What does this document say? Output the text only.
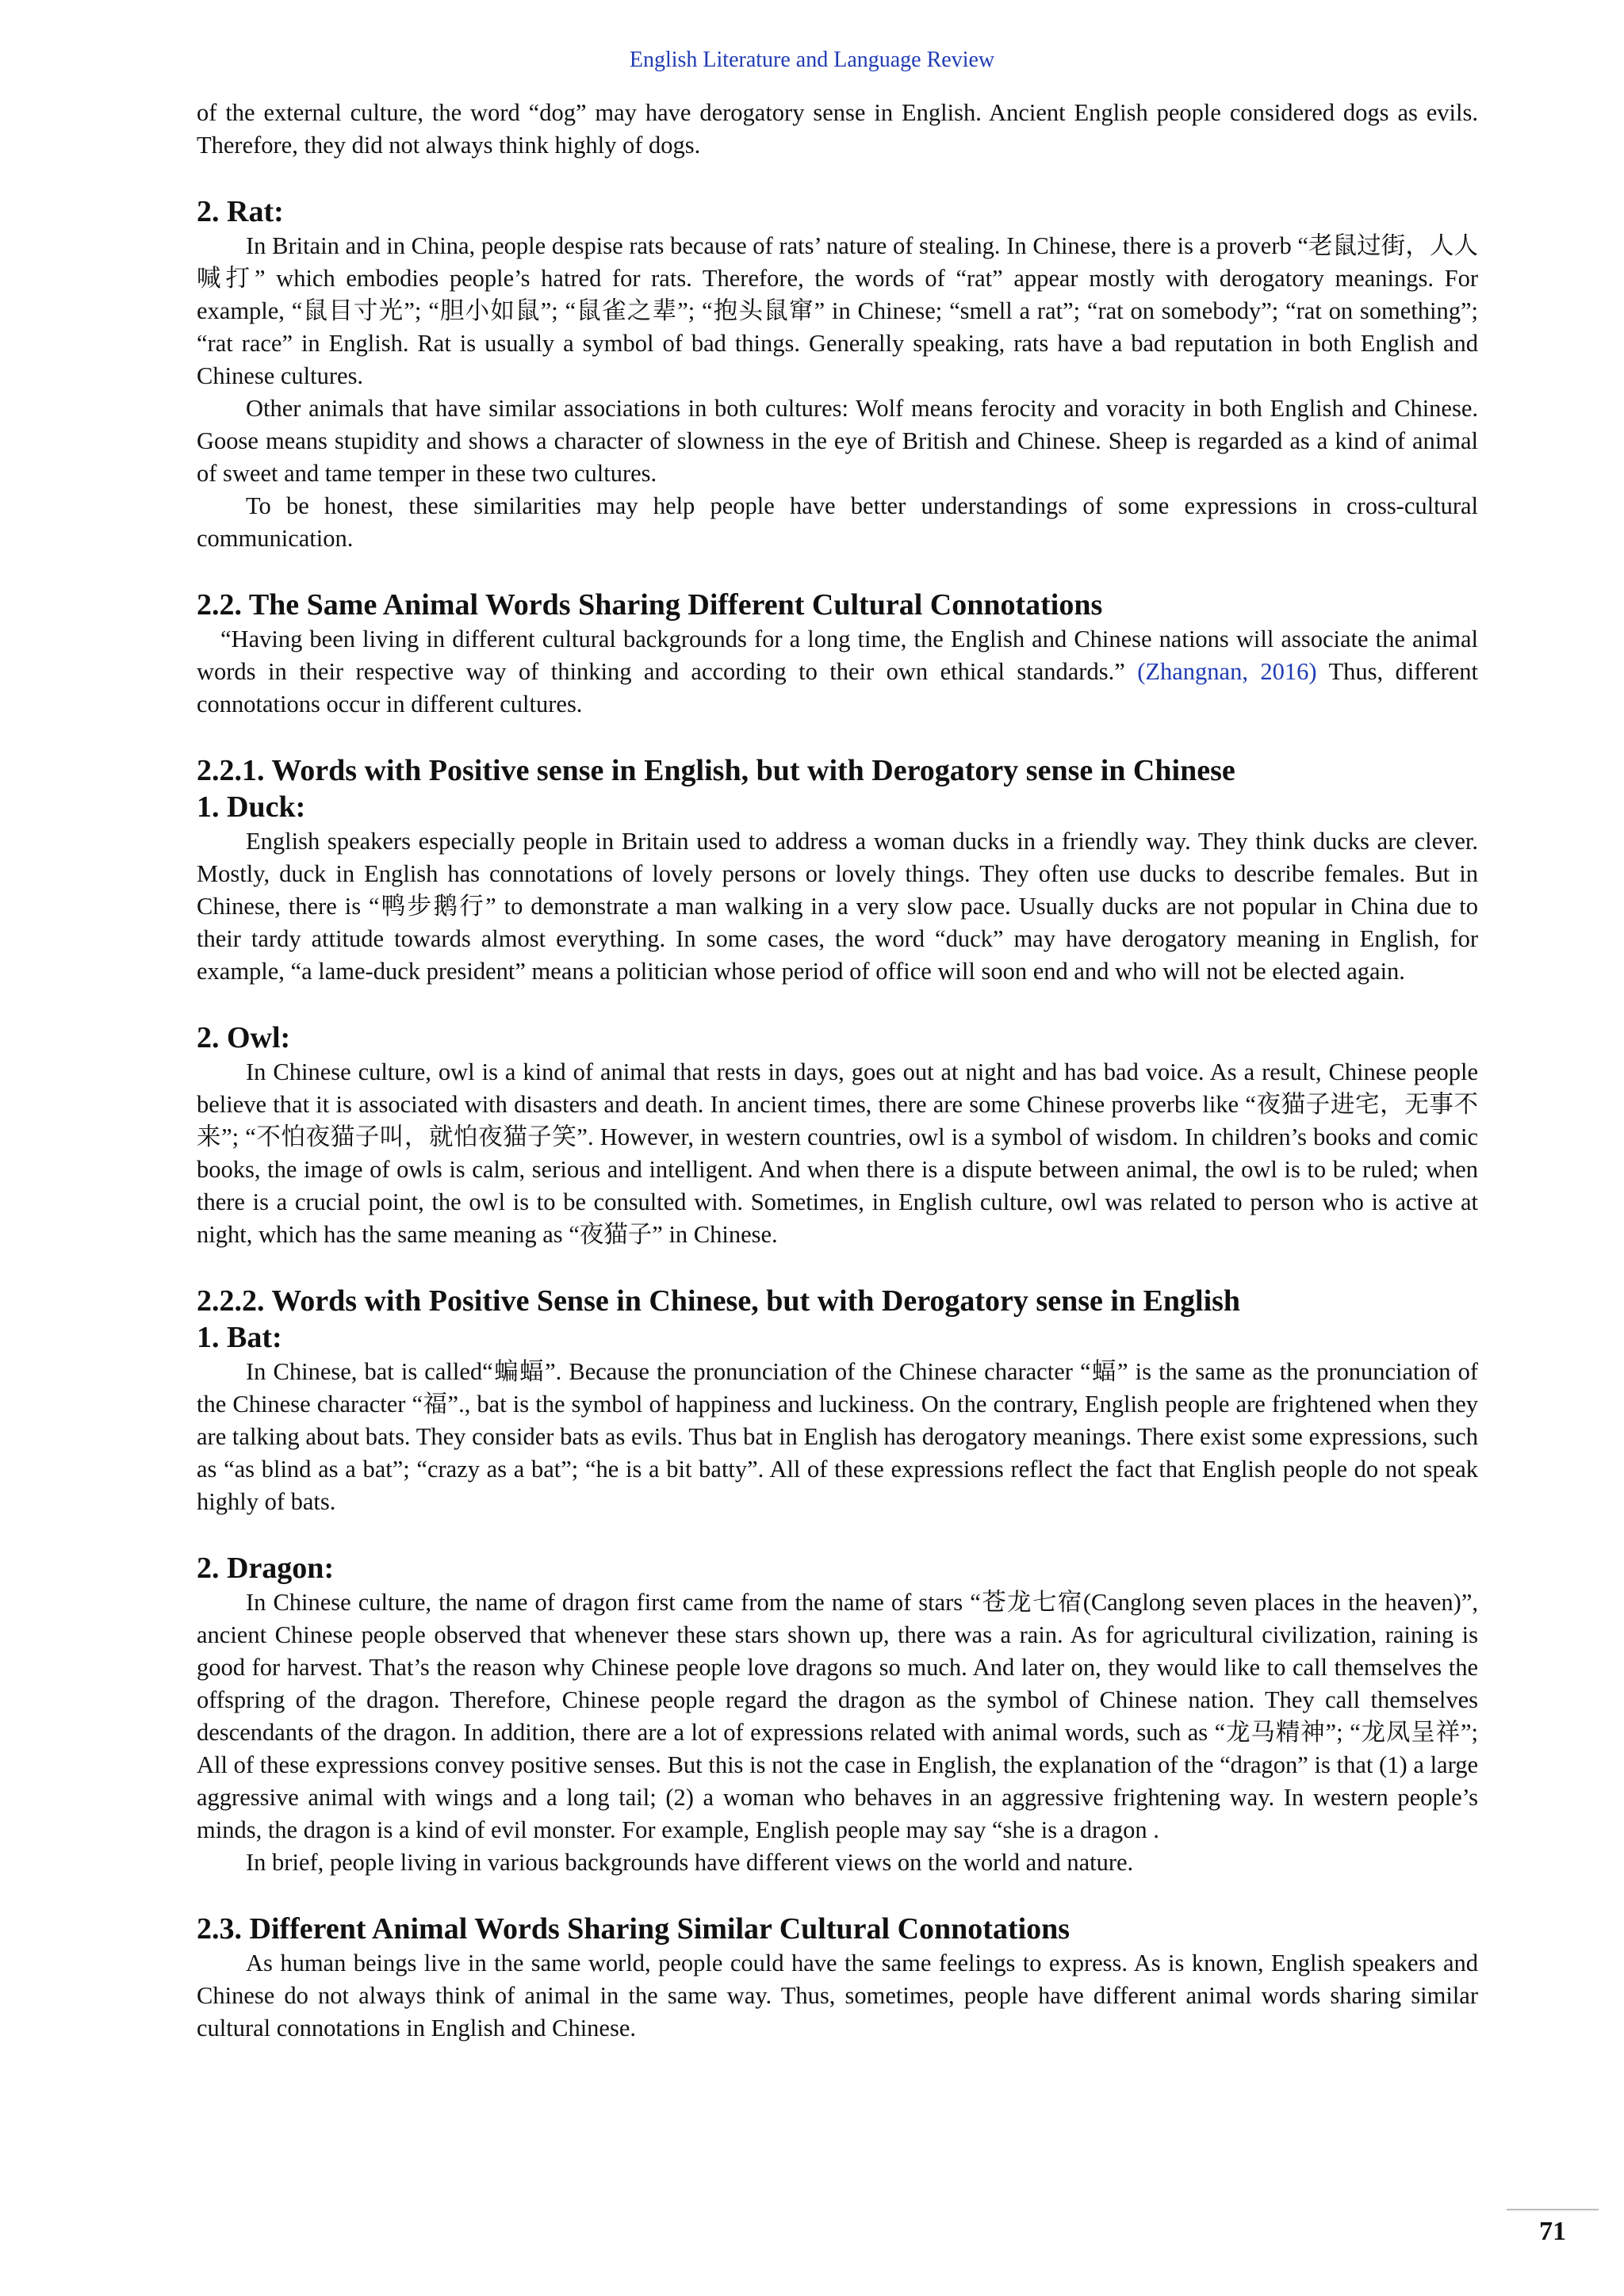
English Literature and Language Review

of the external culture, the word “dog” may have derogatory sense in English. Ancient English people considered dogs as evils. Therefore, they did not always think highly of dogs.

2. Rat:

In Britain and in China, people despise rats because of rats’ nature of stealing. In Chinese, there is a proverb “老鼠过街，人人喊打” which embodies people’s hatred for rats. Therefore, the words of “rat” appear mostly with derogatory meanings. For example, “鼠目寸光”; “胆小如鼠”; “鼠雀之辈”; “抱头鼠窜” in Chinese; “smell a rat”; “rat on somebody”; “rat on something”; “rat race” in English. Rat is usually a symbol of bad things. Generally speaking, rats have a bad reputation in both English and Chinese cultures.

Other animals that have similar associations in both cultures: Wolf means ferocity and voracity in both English and Chinese. Goose means stupidity and shows a character of slowness in the eye of British and Chinese. Sheep is regarded as a kind of animal of sweet and tame temper in these two cultures.

To be honest, these similarities may help people have better understandings of some expressions in cross-cultural communication.

2.2. The Same Animal Words Sharing Different Cultural Connotations

“Having been living in different cultural backgrounds for a long time, the English and Chinese nations will associate the animal words in their respective way of thinking and according to their own ethical standards.” (Zhangnan, 2016) Thus, different connotations occur in different cultures.

2.2.1. Words with Positive sense in English, but with Derogatory sense in Chinese
1. Duck:

English speakers especially people in Britain used to address a woman ducks in a friendly way. They think ducks are clever. Mostly, duck in English has connotations of lovely persons or lovely things. They often use ducks to describe females. But in Chinese, there is “鸭步鹅行” to demonstrate a man walking in a very slow pace. Usually ducks are not popular in China due to their tardy attitude towards almost everything. In some cases, the word “duck” may have derogatory meaning in English, for example, “a lame-duck president” means a politician whose period of office will soon end and who will not be elected again.

2. Owl:

In Chinese culture, owl is a kind of animal that rests in days, goes out at night and has bad voice. As a result, Chinese people believe that it is associated with disasters and death. In ancient times, there are some Chinese proverbs like “夜猫子进宅，无事不来”; “不怕夜猫子叫，就怕夜猫子笑”. However, in western countries, owl is a symbol of wisdom. In children’s books and comic books, the image of owls is calm, serious and intelligent. And when there is a dispute between animal, the owl is to be ruled; when there is a crucial point, the owl is to be consulted with. Sometimes, in English culture, owl was related to person who is active at night, which has the same meaning as “夜猫子” in Chinese.

2.2.2. Words with Positive Sense in Chinese, but with Derogatory sense in English
1. Bat:

In Chinese, bat is called“蝙蝠”. Because the pronunciation of the Chinese character “蝠” is the same as the pronunciation of the Chinese character “福”., bat is the symbol of happiness and luckiness. On the contrary, English people are frightened when they are talking about bats. They consider bats as evils. Thus bat in English has derogatory meanings. There exist some expressions, such as “as blind as a bat”; “crazy as a bat”; “he is a bit batty”. All of these expressions reflect the fact that English people do not speak highly of bats.

2. Dragon:

In Chinese culture, the name of dragon first came from the name of stars “苍龙七宿(Canglong seven places in the heaven)”, ancient Chinese people observed that whenever these stars shown up, there was a rain. As for agricultural civilization, raining is good for harvest. That’s the reason why Chinese people love dragons so much. And later on, they would like to call themselves the offspring of the dragon. Therefore, Chinese people regard the dragon as the symbol of Chinese nation. They call themselves descendants of the dragon. In addition, there are a lot of expressions related with animal words, such as “龙马精神”; “龙凤呈祥”; All of these expressions convey positive senses. But this is not the case in English, the explanation of the “dragon” is that (1) a large aggressive animal with wings and a long tail; (2) a woman who behaves in an aggressive frightening way. In western people’s minds, the dragon is a kind of evil monster. For example, English people may say “she is a dragon .

In brief, people living in various backgrounds have different views on the world and nature.

2.3. Different Animal Words Sharing Similar Cultural Connotations

As human beings live in the same world, people could have the same feelings to express. As is known, English speakers and Chinese do not always think of animal in the same way. Thus, sometimes, people have different animal words sharing similar cultural connotations in English and Chinese.

71
